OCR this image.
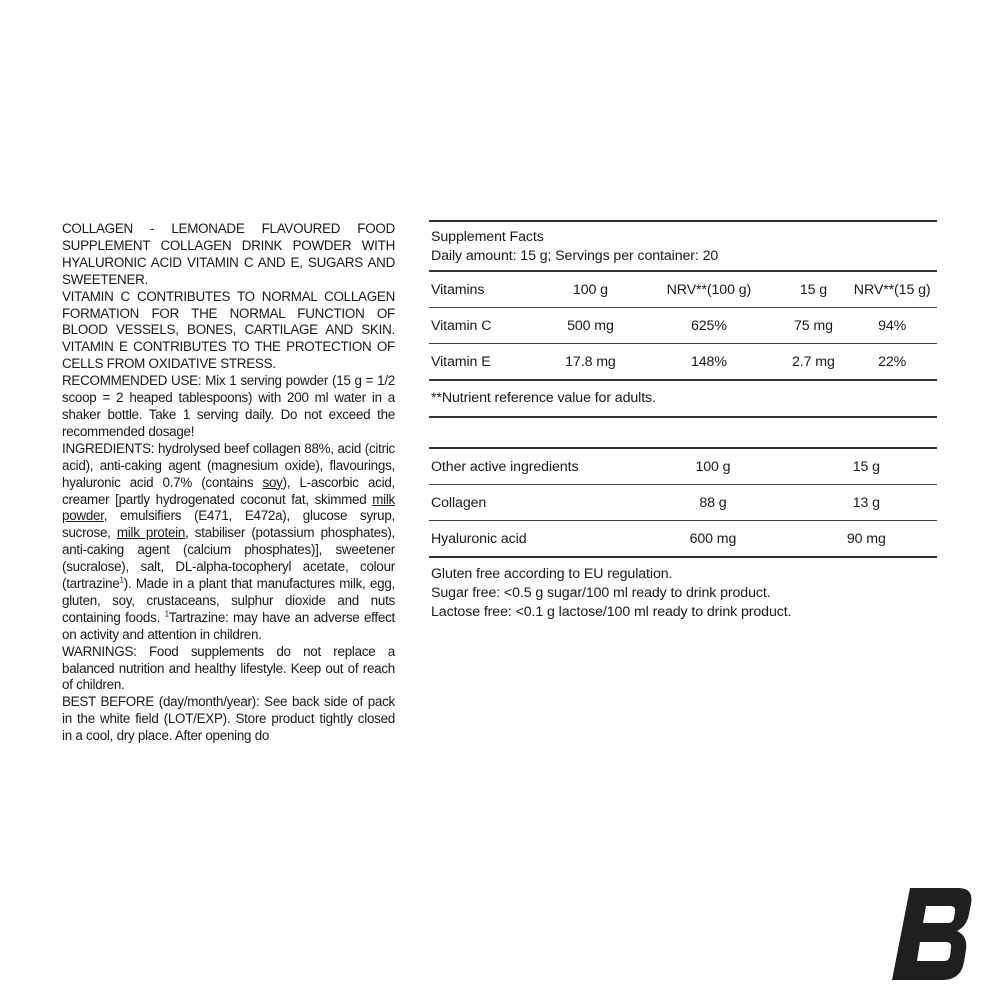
COLLAGEN - LEMONADE FLAVOURED FOOD SUPPLEMENT COLLAGEN DRINK POWDER WITH HYALURONIC ACID VITAMIN C AND E, SUGARS AND SWEETENER.

VITAMIN C CONTRIBUTES TO NORMAL COLLAGEN FORMATION FOR THE NORMAL FUNCTION OF BLOOD VESSELS, BONES, CARTILAGE AND SKIN. VITAMIN E CONTRIBUTES TO THE PROTECTION OF CELLS FROM OXIDATIVE STRESS.

RECOMMENDED USE: Mix 1 serving powder (15 g = 1/2 scoop = 2 heaped tablespoons) with 200 ml water in a shaker bottle. Take 1 serving daily. Do not exceed the recommended dosage!

INGREDIENTS: hydrolysed beef collagen 88%, acid (citric acid), anti-caking agent (magnesium oxide), flavourings, hyaluronic acid 0.7% (contains soy), L-ascorbic acid, creamer [partly hydrogenated coconut fat, skimmed milk powder, emulsifiers (E471, E472a), glucose syrup, sucrose, milk protein, stabiliser (potassium phosphates), anti-caking agent (calcium phosphates)], sweetener (sucralose), salt, DL-alpha-tocopheryl acetate, colour (tartrazine$^1$). Made in a plant that manufactures milk, egg, gluten, soy, crustaceans, sulphur dioxide and nuts containing foods. $^1$Tartrazine: may have an adverse effect on activity and attention in children.

WARNINGS: Food supplements do not replace a balanced nutrition and healthy lifestyle. Keep out of reach of children.

BEST BEFORE (day/month/year): See back side of pack in the white field (LOT/EXP). Store product tightly closed in a cool, dry place. After opening do

Supplement Facts
Daily amount: 15 g; Servings per container: 20
Vitamins	100 g	NRV**(100 g)	15 g	NRV**(15 g)
Vitamin C	500 mg	625%	75 mg	94%
Vitamin E	17.8 mg	148%	2.7 mg	22%
**Nutrient reference value for adults.
Other active ingredients	100 g	15 g
Collagen	88 g	13 g
Hyaluronic acid	600 mg	90 mg
Gluten free according to EU regulation.
Sugar free: <0.5 g sugar/100 ml ready to drink product.
Lactose free: <0.1 g lactose/100 ml ready to drink product.
